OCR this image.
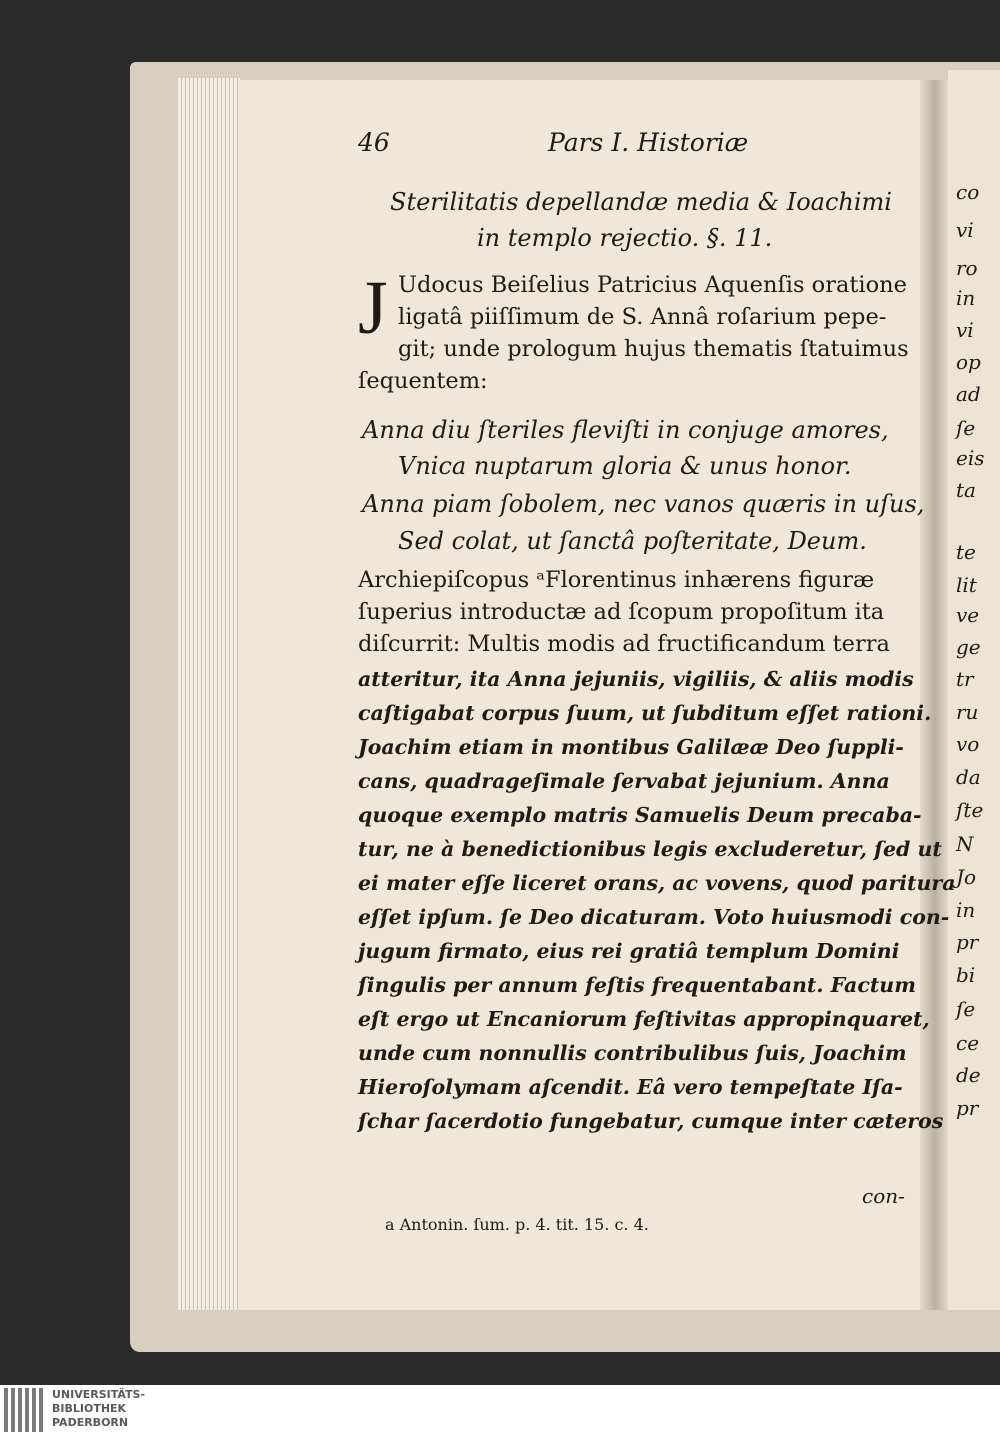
co
vi
ro
in
vi
op
ad
ſe
eis
ta
te
lit
ve
ge
tr
ru
vo
da
ſte
N
Jo
in
pr
bi
ſe
ce
de
pr
46	Pars I. Historiæ
Sterilitatis depellandæ media & Ioachimi
in templo rejectio. §. 11.
J Udocus Beiſelius Patricius Aquenſis oratione
ligatâ piiſſimum de S. Annâ roſarium pepe-
git; unde prologum hujus thematis ſtatuimus
ſequentem:
Anna diu ſteriles fleviſti in conjuge amores,
Vnica nuptarum gloria & unus honor.
Anna piam ſobolem, nec vanos quæris in uſus,
Sed colat, ut ſanctâ poſteritate, Deum.
Archiepiſcopus ᵃFlorentinus inhærens figuræ
ſuperius introductæ ad ſcopum propoſitum ita
diſcurrit: Multis modis ad fructificandum terra
atteritur, ita Anna jejuniis, vigiliis, & aliis modis
caſtigabat corpus ſuum, ut ſubditum eſſet rationi.
Joachim etiam in montibus Galilææ Deo ſuppli-
cans, quadrageſimale ſervabat jejunium. Anna
quoque exemplo matris Samuelis Deum precaba-
tur, ne à benedictionibus legis excluderetur, ſed ut
ei mater eſſe liceret orans, ac vovens, quod paritura
eſſet ipſum. ſe Deo dicaturam. Voto huiusmodi con-
jugum firmato, eius rei gratiâ templum Domini
ſingulis per annum feſtis frequentabant. Factum
eſt ergo ut Encaniorum feſtivitas appropinquaret,
unde cum nonnullis contribulibus ſuis, Joachim
Hieroſolymam aſcendit. Eâ vero tempeſtate Iſa-
ſchar ſacerdotio fungebatur, cumque inter cæteros
con-
a Antonin. ſum. p. 4. tit. 15. c. 4.
UNIVERSITÄTS-
BIBLIOTHEK
PADERBORN
